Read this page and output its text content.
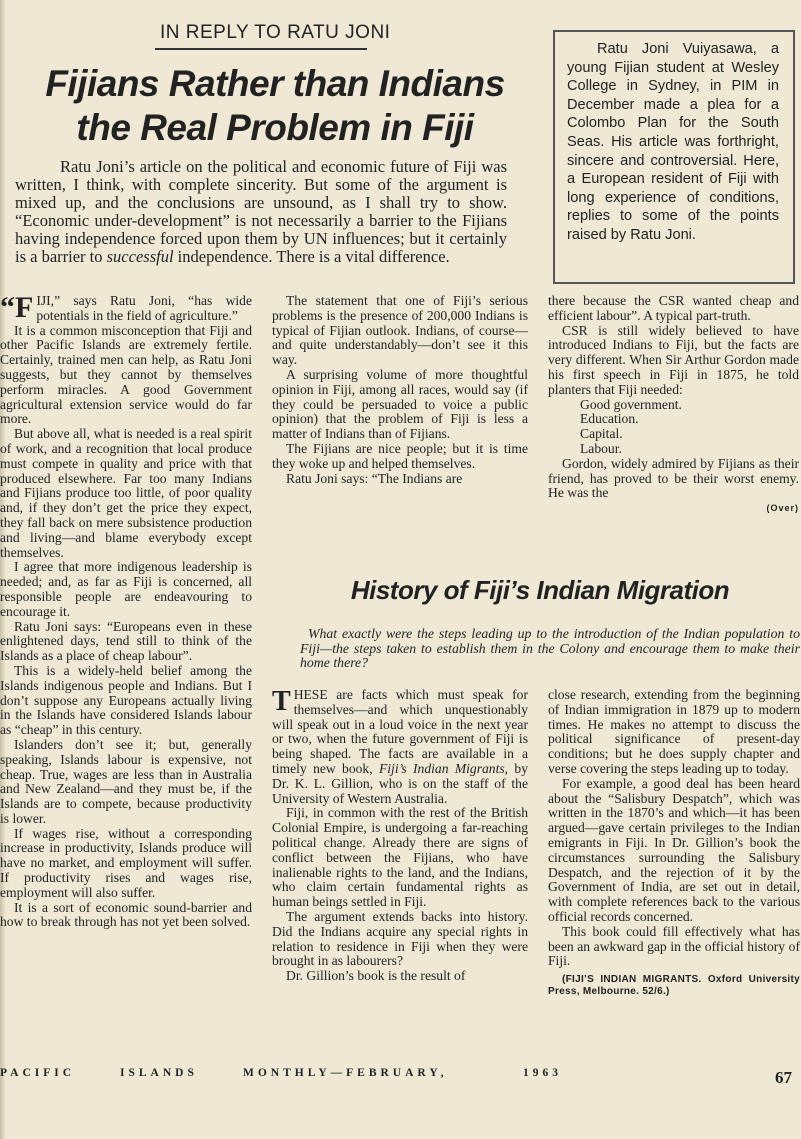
IN REPLY TO RATU JONI
Fijians Rather than Indians
the Real Problem in Fiji

Ratu Joni’s article on the political and economic future of Fiji was written, I think, with complete sincerity. But some of the argument is mixed up, and the conclusions are unsound, as I shall try to show. “Economic under-development” is not necessarily a barrier to the Fijians having independence forced upon them by UN influences; but it certainly is a barrier to successful independence. There is a vital difference.

Ratu Joni Vuiyasawa, a young Fijian student at Wesley College in Sydney, in PIM in December made a plea for a Colombo Plan for the South Seas. His article was forthright, sincere and controversial. Here, a European resident of Fiji with long experience of conditions, replies to some of the points raised by Ratu Joni.

“FIJI,” says Ratu Joni, “has wide potentials in the field of agriculture.”

It is a common misconception that Fiji and other Pacific Islands are extremely fertile. Certainly, trained men can help, as Ratu Joni suggests, but they cannot by themselves perform miracles. A good Government agricultural extension service would do far more.

But above all, what is needed is a real spirit of work, and a recognition that local produce must compete in quality and price with that produced elsewhere. Far too many Indians and Fijians produce too little, of poor quality and, if they don’t get the price they expect, they fall back on mere subsistence production and living—and blame everybody except themselves.

I agree that more indigenous leadership is needed; and, as far as Fiji is concerned, all responsible people are endeavouring to encourage it.

Ratu Joni says: “Europeans even in these enlightened days, tend still to think of the Islands as a place of cheap labour”.

This is a widely-held belief among the Islands indigenous people and Indians. But I don’t suppose any Europeans actually living in the Islands have considered Islands labour as “cheap” in this century.

Islanders don’t see it; but, generally speaking, Islands labour is expensive, not cheap. True, wages are less than in Australia and New Zealand—and they must be, if the Islands are to compete, because productivity is lower.

If wages rise, without a corresponding increase in productivity, Islands produce will have no market, and employment will suffer. If productivity rises and wages rise, employment will also suffer.

It is a sort of economic sound-barrier and how to break through has not yet been solved.

The statement that one of Fiji’s serious problems is the presence of 200,000 Indians is typical of Fijian outlook. Indians, of course—and quite understandably—don’t see it this way.

A surprising volume of more thoughtful opinion in Fiji, among all races, would say (if they could be persuaded to voice a public opinion) that the problem of Fiji is less a matter of Indians than of Fijians.

The Fijians are nice people; but it is time they woke up and helped themselves.

Ratu Joni says: “The Indians are

there because the CSR wanted cheap and efficient labour”. A typical part-truth.

CSR is still widely believed to have introduced Indians to Fiji, but the facts are very different. When Sir Arthur Gordon made his first speech in Fiji in 1875, he told planters that Fiji needed:

Good government.
Education.
Capital.
Labour.

Gordon, widely admired by Fijians as their friend, has proved to be their worst enemy. He was the

(Over)
History of Fiji’s Indian Migration

What exactly were the steps leading up to the introduction of the Indian population to Fiji—the steps taken to establish them in the Colony and encourage them to make their home there?

THESE are facts which must speak for themselves—and which unquestionably will speak out in a loud voice in the next year or two, when the future government of Fiji is being shaped. The facts are available in a timely new book, Fiji’s Indian Migrants, by Dr. K. L. Gillion, who is on the staff of the University of Western Australia.

Fiji, in common with the rest of the British Colonial Empire, is undergoing a far-reaching political change. Already there are signs of conflict between the Fijians, who have inalienable rights to the land, and the Indians, who claim certain fundamental rights as human beings settled in Fiji.

The argument extends backs into history. Did the Indians acquire any special rights in relation to residence in Fiji when they were brought in as labourers?

Dr. Gillion’s book is the result of

close research, extending from the beginning of Indian immigration in 1879 up to modern times. He makes no attempt to discuss the political significance of present-day conditions; but he does supply chapter and verse covering the steps leading up to today.

For example, a good deal has been heard about the “Salisbury Despatch”, which was written in the 1870’s and which—it has been argued—gave certain privileges to the Indian emigrants in Fiji. In Dr. Gillion’s book the circumstances surrounding the Salisbury Despatch, and the rejection of it by the Government of India, are set out in detail, with complete references back to the various official records concerned.

This book could fill effectively what has been an awkward gap in the official history of Fiji.

(FIJI’S INDIAN MIGRANTS. Oxford University Press, Melbourne. 52/6.)

PACIFIC	ISLANDS	MONTHLY—FEBRUARY,	1963	67
